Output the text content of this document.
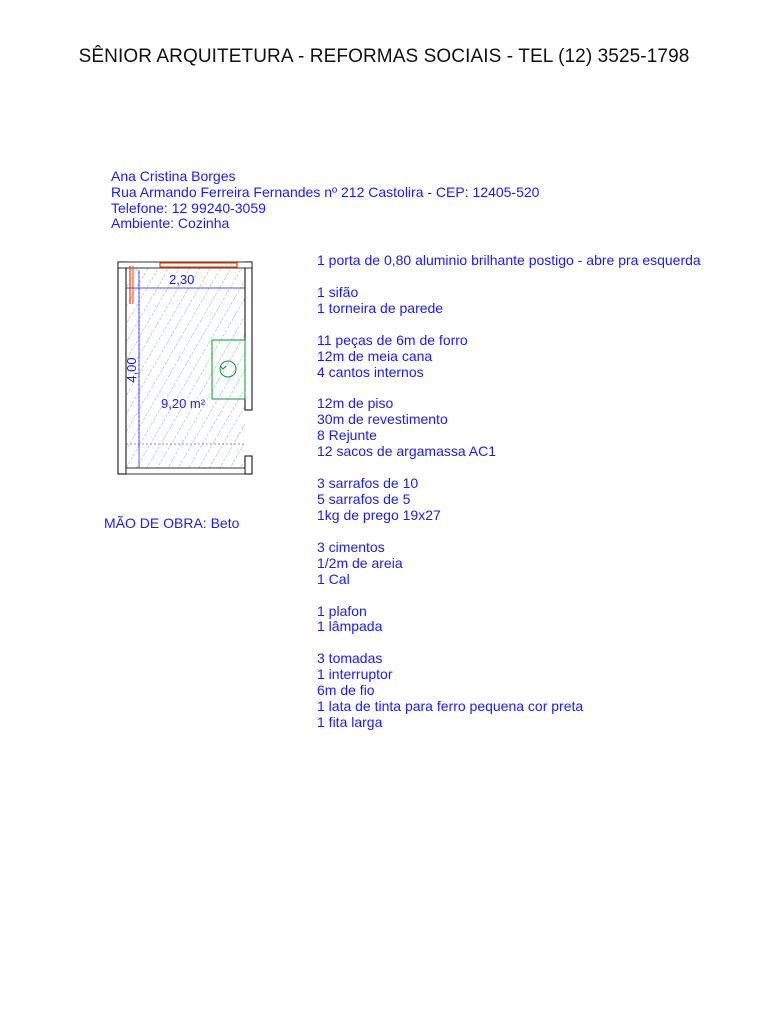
SÊNIOR ARQUITETURA - REFORMAS SOCIAIS - TEL (12) 3525-1798
Ana Cristina Borges
Rua Armando Ferreira Fernandes nº 212 Castolira - CEP: 12405-520
Telefone: 12 99240-3059
Ambiente: Cozinha
2,30
4,00
9,20 m²
MÃO DE OBRA: Beto
1 porta de 0,80 aluminio brilhante postigo - abre pra esquerda
1 sifão
1 torneira de parede
11 peças de 6m de forro
12m de meia cana
4 cantos internos
12m de piso
30m de revestimento
8 Rejunte
12 sacos de argamassa AC1
3 sarrafos de 10
5 sarrafos de 5
1kg de prego 19x27
3 cimentos
1/2m de areia
1 Cal
1 plafon
1 lâmpada
3 tomadas
1 interruptor
6m de fio
1 lata de tinta para ferro pequena cor preta
1 fita larga
